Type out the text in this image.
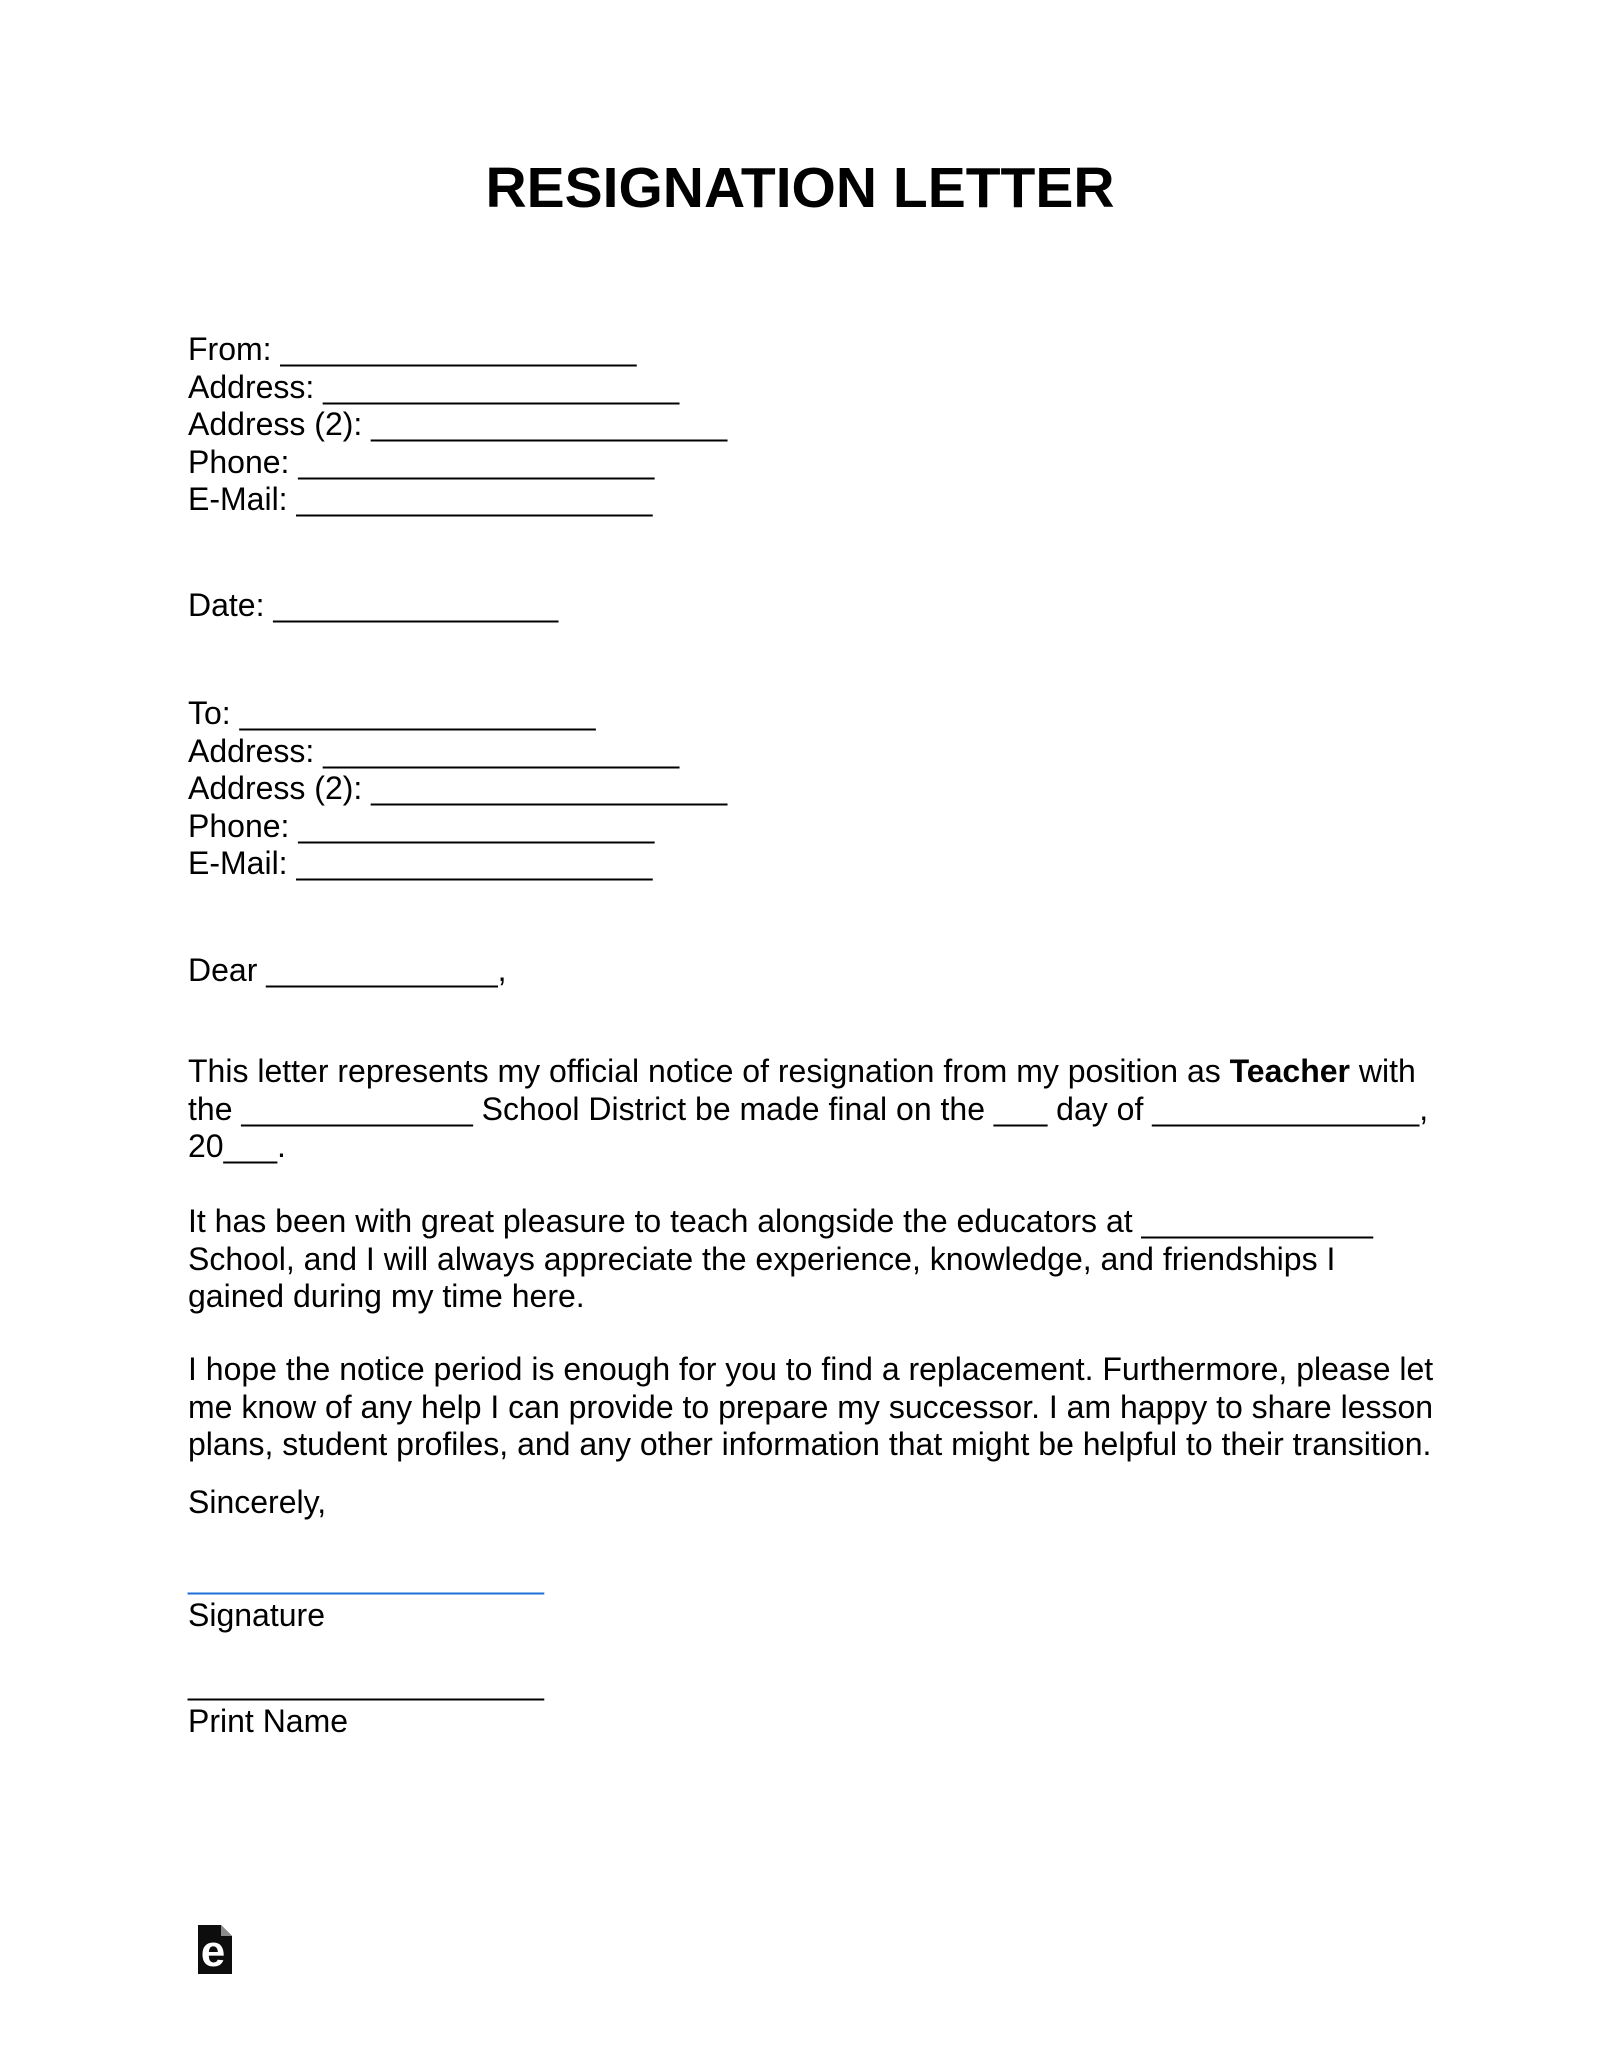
RESIGNATION LETTER
From: ____________________
Address: ____________________
Address (2): ____________________
Phone: ____________________
E-Mail: ____________________
Date: ________________
To: ____________________
Address: ____________________
Address (2): ____________________
Phone: ____________________
E-Mail: ____________________
Dear _____________,
This letter represents my official notice of resignation from my position as Teacher with
the _____________ School District be made final on the ___ day of _______________,
20___.
It has been with great pleasure to teach alongside the educators at _____________
School, and I will always appreciate the experience, knowledge, and friendships I
gained during my time here.
I hope the notice period is enough for you to find a replacement. Furthermore, please let
me know of any help I can provide to prepare my successor. I am happy to share lesson
plans, student profiles, and any other information that might be helpful to their transition.
Sincerely,
____________________
Signature
____________________
Print Name
e
